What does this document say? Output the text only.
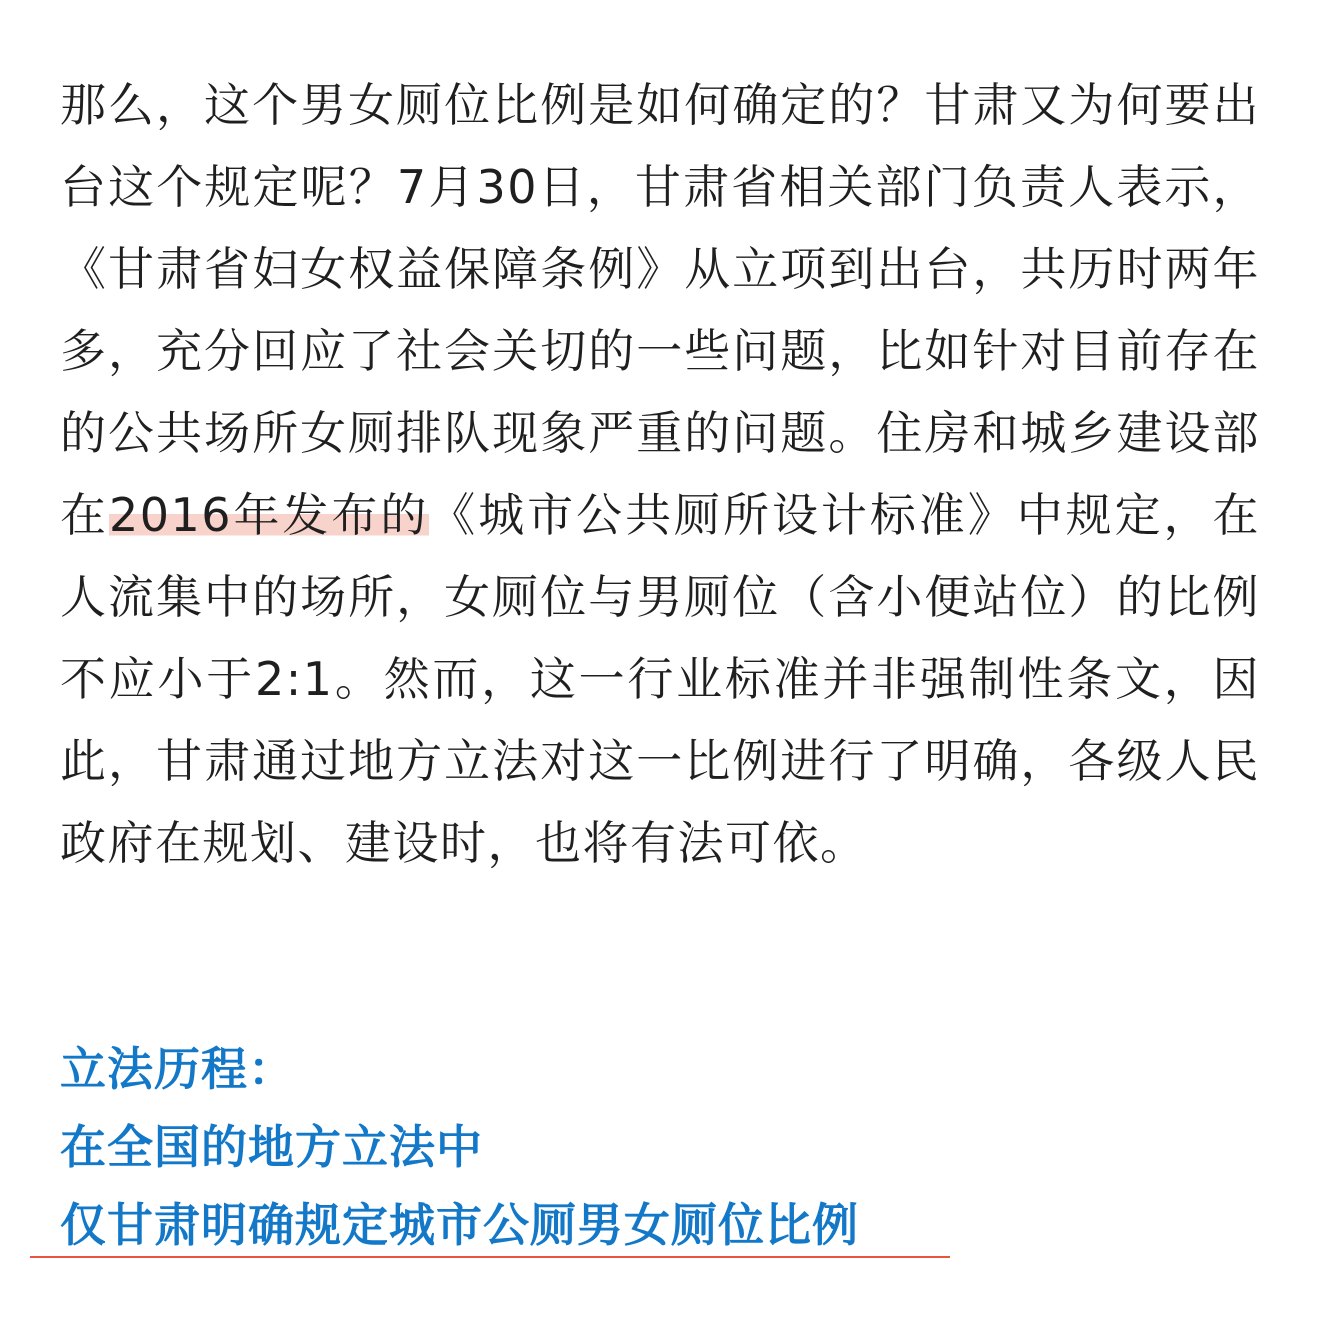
那么，这个男女厕位比例是如何确定的？甘肃又为何要出台这个规定呢？7月30日，甘肃省相关部门负责人表示，《甘肃省妇女权益保障条例》从立项到出台，共历时两年多，充分回应了社会关切的一些问题，比如针对目前存在的公共场所女厕排队现象严重的问题。住房和城乡建设部在2016年发布的《城市公共厕所设计标准》中规定，在人流集中的场所，女厕位与男厕位（含小便站位）的比例不应小于2:1。然而，这一行业标准并非强制性条文，因此，甘肃通过地方立法对这一比例进行了明确，各级人民政府在规划、建设时，也将有法可依。

立法历程：
在全国的地方立法中
仅甘肃明确规定城市公厕男女厕位比例
